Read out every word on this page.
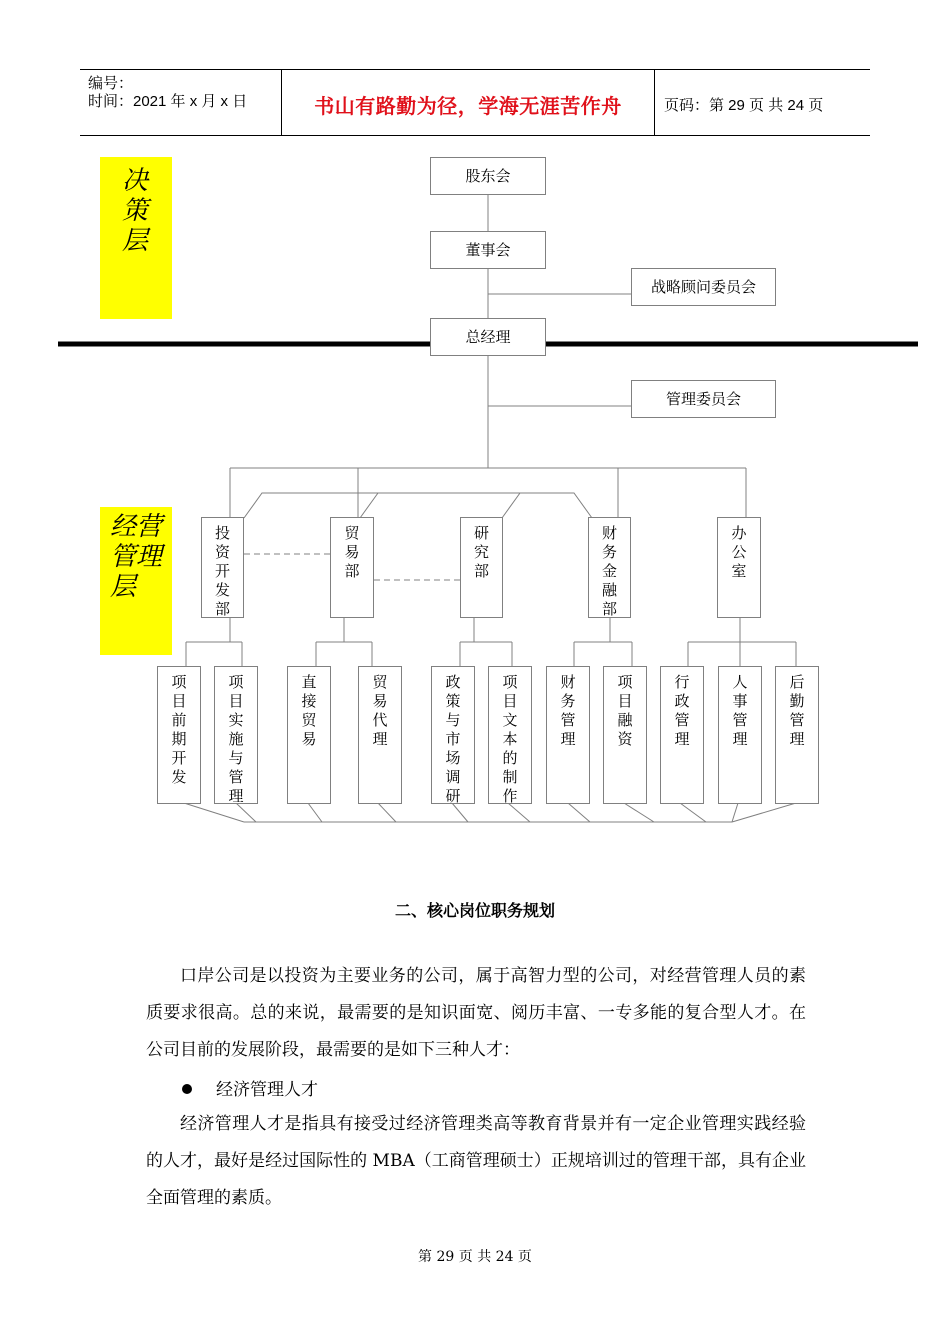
编号：
时间：2021 年 x 月 x 日	书山有路勤为径，学海无涯苦作舟	页码：第 29 页 共 24 页
决策层
经营管理层
股东会
董事会
战略顾问委员会
总经理
管理委员会
投资开发部
贸易部
研究部
财务金融部
办公室
项目前期开发
项目实施与管理
直接贸易
贸易代理
政策与市场调研
项目文本的制作
财务管理
项目融资
行政管理
人事管理
后勤管理
二、核心岗位职务规划
口岸公司是以投资为主要业务的公司，属于高智力型的公司，对经营管理人员的素质要求很高。总的来说，最需要的是知识面宽、阅历丰富、一专多能的复合型人才。在公司目前的发展阶段，最需要的是如下三种人才：
经济管理人才
经济管理人才是指具有接受过经济管理类高等教育背景并有一定企业管理实践经验的人才，最好是经过国际性的 MBA（工商管理硕士）正规培训过的管理干部，具有企业全面管理的素质。
第 29 页 共 24 页
